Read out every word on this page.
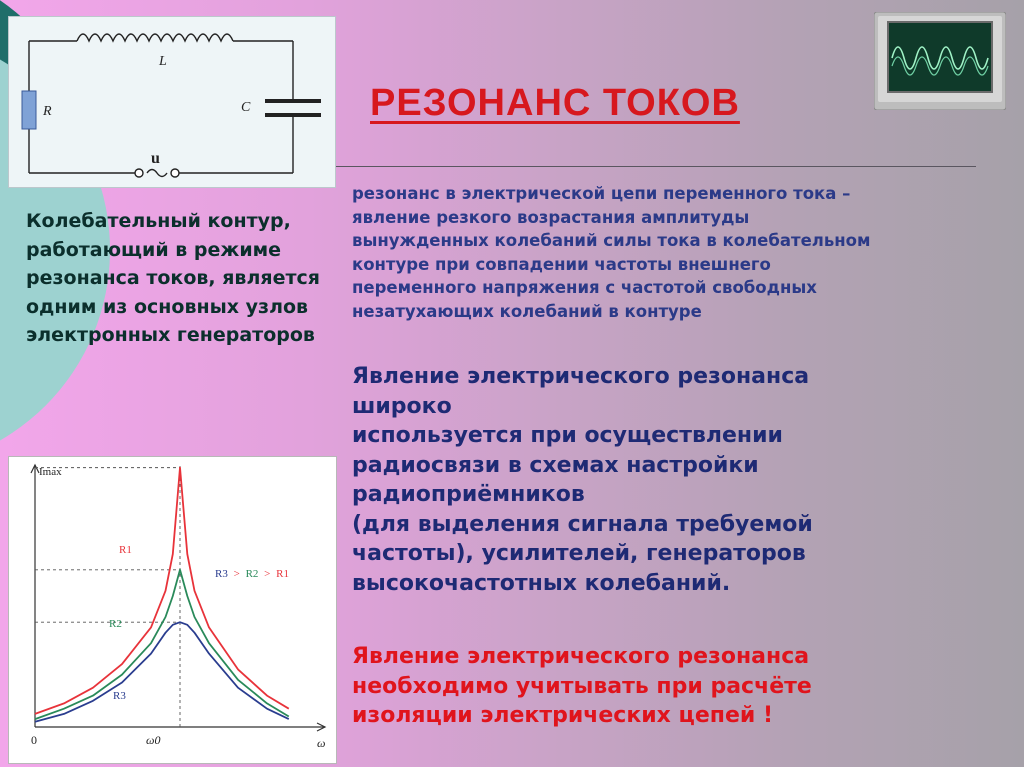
L
R	C
u
РЕЗОНАНС ТОКОВ
резонанс в электрической цепи переменного тока –
явление резкого возрастания амплитуды
вынужденных колебаний силы тока в колебательном
контуре при совпадении частоты внешнего
переменного напряжения с частотой свободных
незатухающих колебаний в контуре
Колебательный контур,
работающий в режиме
резонанса токов, является
одним из основных узлов
электронных генераторов
Явление электрического резонанса
широко
используется при осуществлении
радиосвязи в схемах настройки
радиоприёмников
(для выделения сигнала требуемой
частоты), усилителей, генераторов
высокочастотных колебаний.
Явление электрического резонанса
необходимо учитывать при расчёте
изоляции электрических цепей !
Imax
ω
0	ω0
R1
R2
R3
R3 > R2 > R1
